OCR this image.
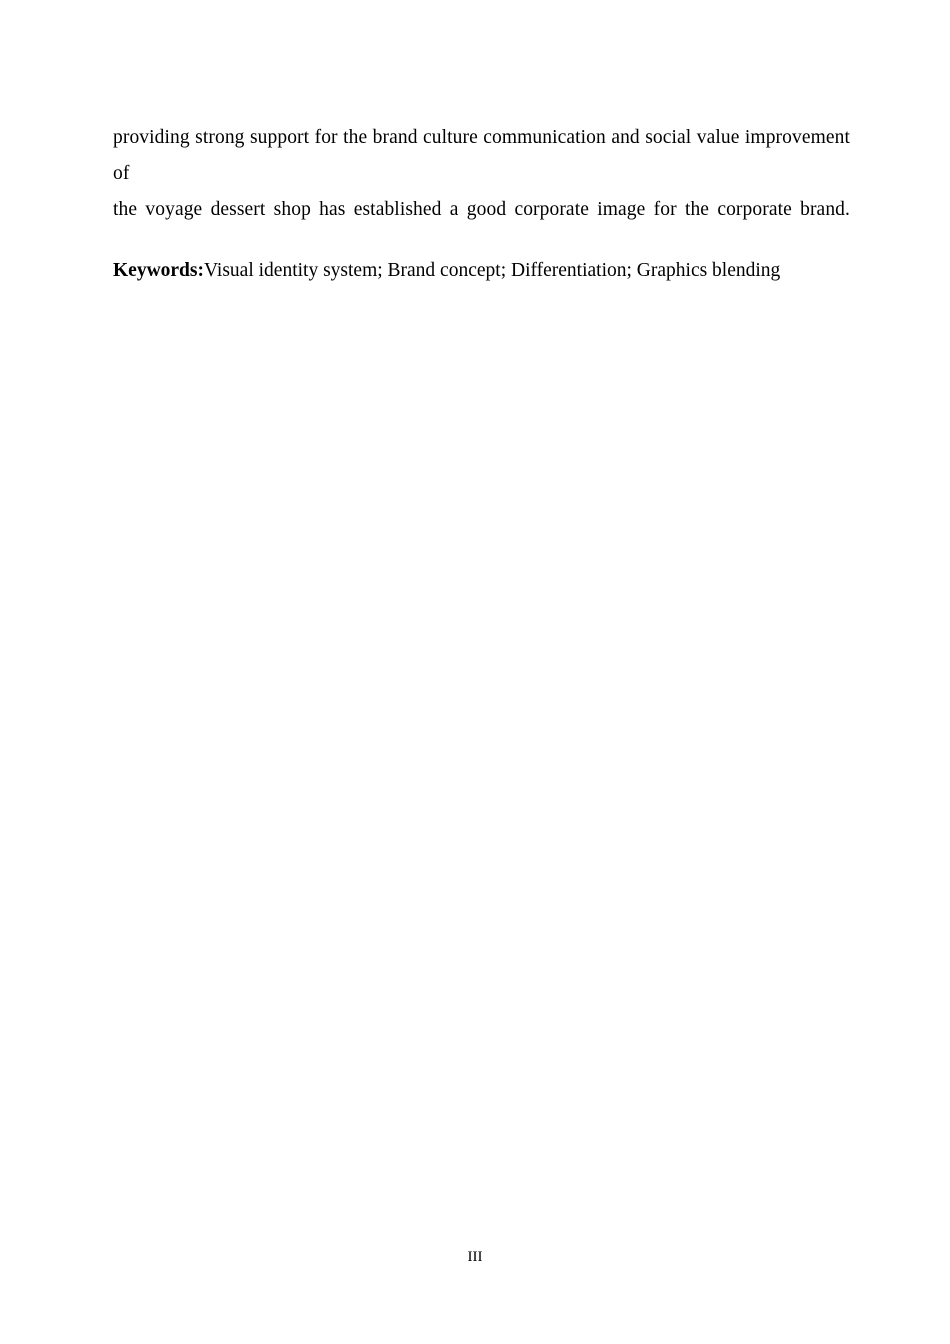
providing strong support for the brand culture communication and social value improvement of
the voyage dessert shop has established a good corporate image for the corporate brand.

Keywords:Visual identity system; Brand concept; Differentiation; Graphics blending

III
